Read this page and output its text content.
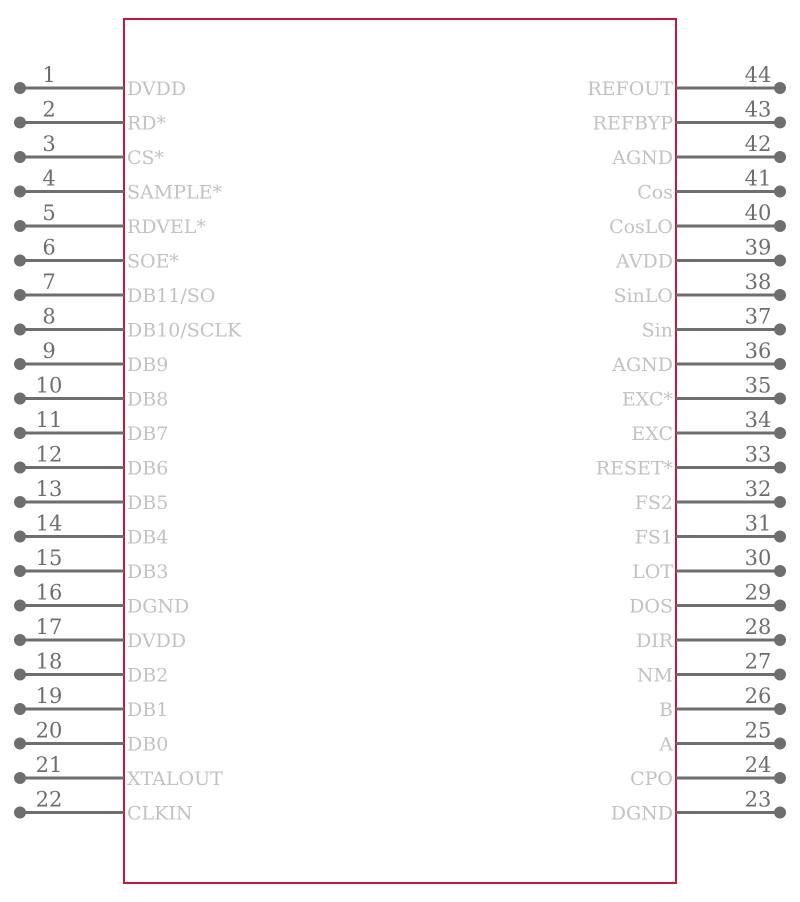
1
DVDD
2
RD*
3
CS*
4
SAMPLE*
5
RDVEL*
6
SOE*
7
DB11/SO
8
DB10/SCLK
9
DB9
10
DB8
11
DB7
12
DB6
13
DB5
14
DB4
15
DB3
16
DGND
17
DVDD
18
DB2
19
DB1
20
DB0
21
XTALOUT
22
CLKIN
44
REFOUT
43
REFBYP
42
AGND
41
Cos
40
CosLO
39
AVDD
38
SinLO
37
Sin
36
AGND
35
EXC*
34
EXC
33
RESET*
32
FS2
31
FS1
30
LOT
29
DOS
28
DIR
27
NM
26
B
25
A
24
CPO
23
DGND
